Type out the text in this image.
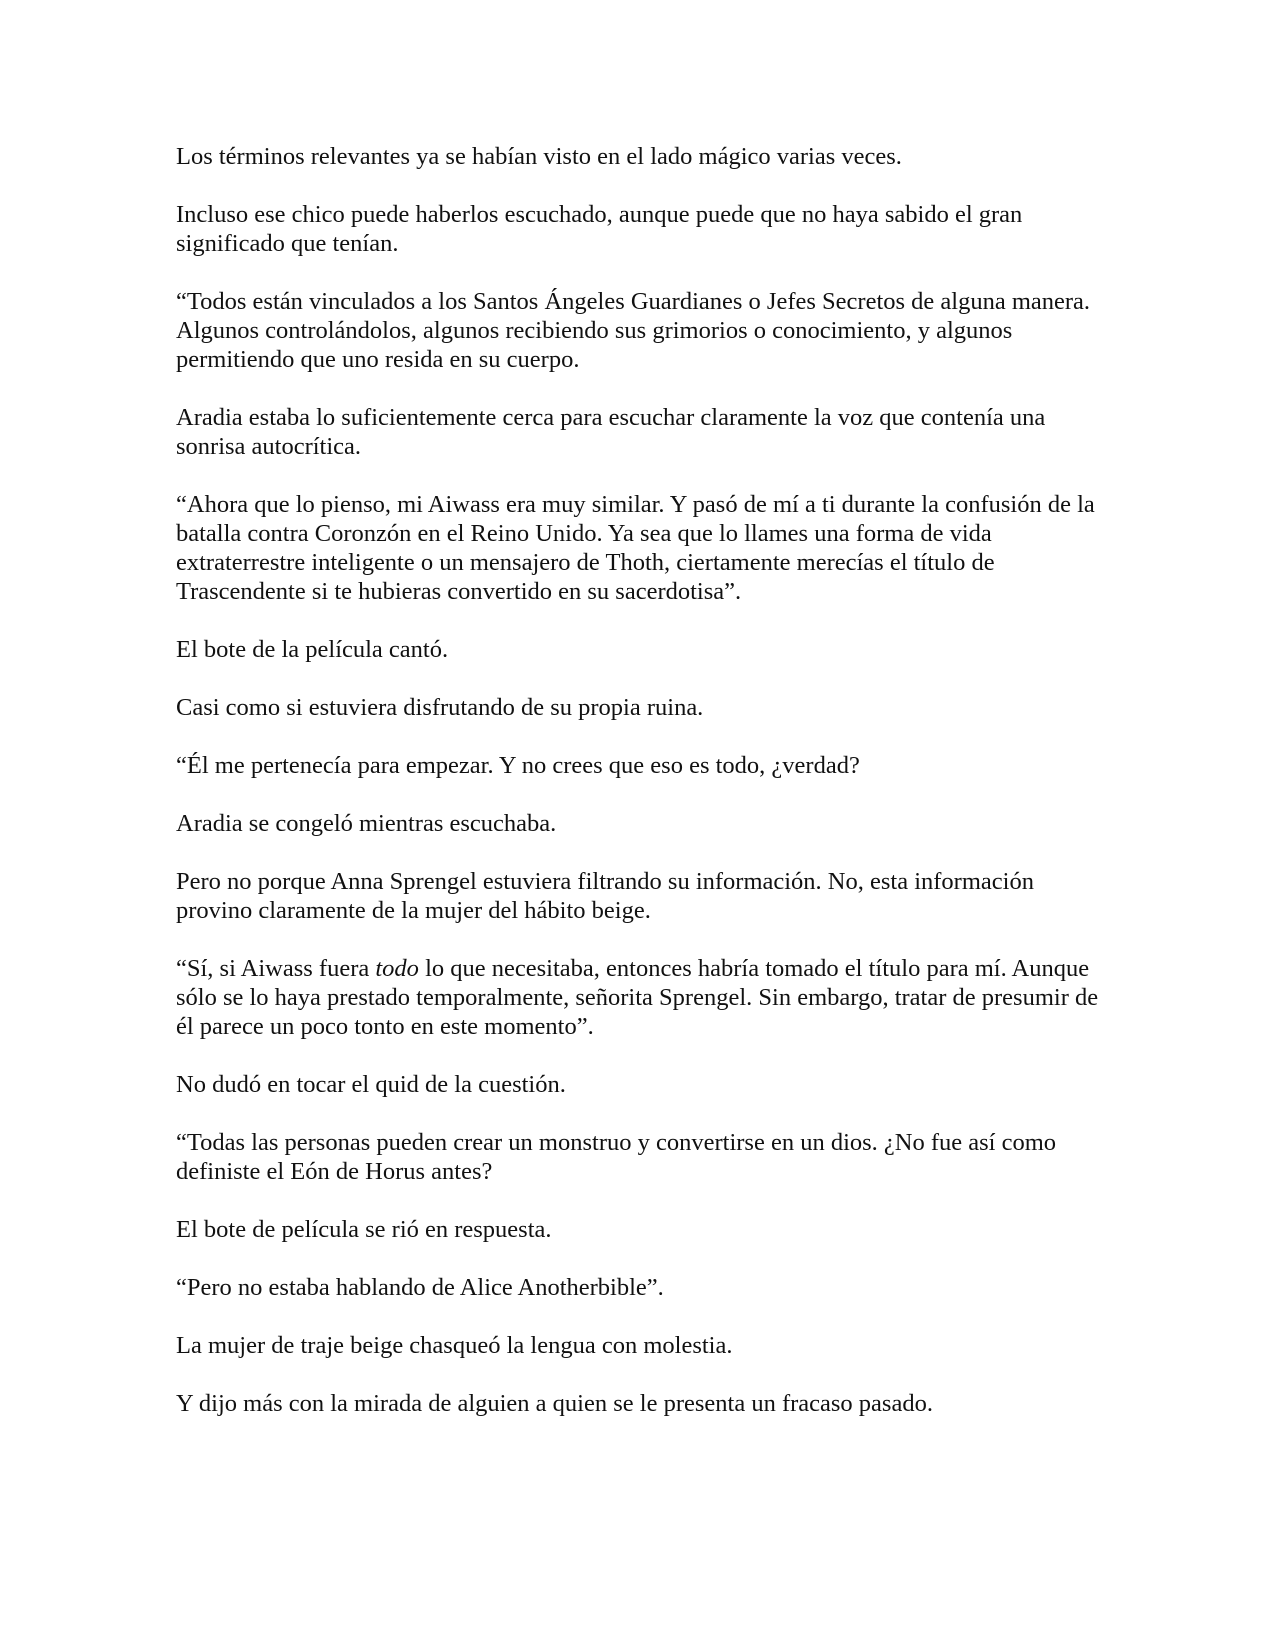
Los términos relevantes ya se habían visto en el lado mágico varias veces.

Incluso ese chico puede haberlos escuchado, aunque puede que no haya sabido el gran significado que tenían.

“Todos están vinculados a los Santos Ángeles Guardianes o Jefes Secretos de alguna manera. Algunos controlándolos, algunos recibiendo sus grimorios o conocimiento, y algunos permitiendo que uno resida en su cuerpo.

Aradia estaba lo suficientemente cerca para escuchar claramente la voz que contenía una sonrisa autocrítica.

“Ahora que lo pienso, mi Aiwass era muy similar. Y pasó de mí a ti durante la confusión de la batalla contra Coronzón en el Reino Unido. Ya sea que lo llames una forma de vida extraterrestre inteligente o un mensajero de Thoth, ciertamente merecías el título de Trascendente si te hubieras convertido en su sacerdotisa”.

El bote de la película cantó.

Casi como si estuviera disfrutando de su propia ruina.

“Él me pertenecía para empezar. Y no crees que eso es todo, ¿verdad?

Aradia se congeló mientras escuchaba.

Pero no porque Anna Sprengel estuviera filtrando su información. No, esta información provino claramente de la mujer del hábito beige.

“Sí, si Aiwass fuera todo lo que necesitaba, entonces habría tomado el título para mí. Aunque sólo se lo haya prestado temporalmente, señorita Sprengel. Sin embargo, tratar de presumir de él parece un poco tonto en este momento”.

No dudó en tocar el quid de la cuestión.

“Todas las personas pueden crear un monstruo y convertirse en un dios. ¿No fue así como definiste el Eón de Horus antes?

El bote de película se rió en respuesta.

“Pero no estaba hablando de Alice Anotherbible”.

La mujer de traje beige chasqueó la lengua con molestia.

Y dijo más con la mirada de alguien a quien se le presenta un fracaso pasado.
